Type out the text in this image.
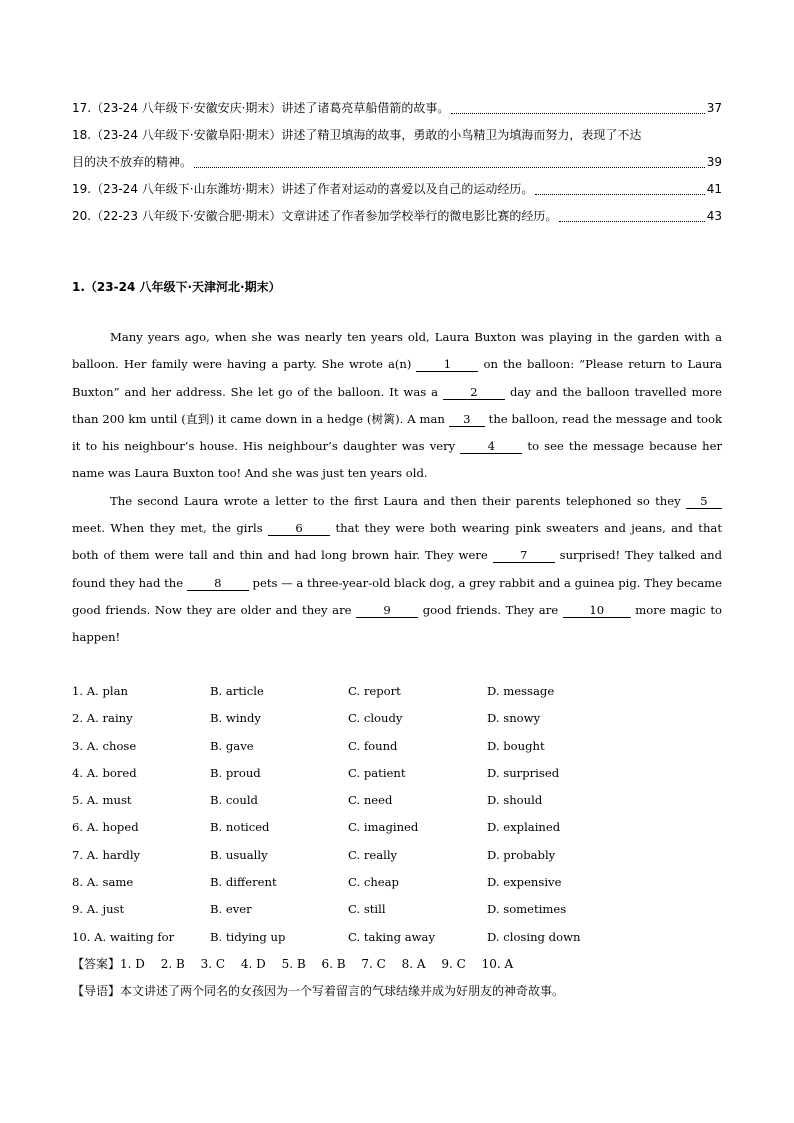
17.（23-24 八年级下·安徽安庆·期末）讲述了诸葛亮草船借箭的故事。	37
18.（23-24 八年级下·安徽阜阳·期末）讲述了精卫填海的故事，勇敢的小鸟精卫为填海而努力，表现了不达
目的决不放弃的精神。	39
19.（23-24 八年级下·山东潍坊·期末）讲述了作者对运动的喜爱以及自己的运动经历。	41
20.（22-23 八年级下·安徽合肥·期末）文章讲述了作者参加学校举行的微电影比赛的经历。	43
1.（23-24 八年级下·天津河北·期末）

Many years ago, when she was nearly ten years old, Laura Buxton was playing in the garden with a balloon. Her family were having a party. She wrote a(n)	1	on the balloon: “Please return to Laura Buxton” and her address. She let go of the balloon. It was a	2	day and the balloon travelled more than 200 km until (直到) it came down in a hedge (树篱). A man 3 the balloon, read the message and took it to his neighbour’s house. His neighbour’s daughter was very	4	to see the message because her name was Laura Buxton too! And she was just ten years old.

The second Laura wrote a letter to the first Laura and then their parents telephoned so they 5 meet. When they met, the girls	6	that they were both wearing pink sweaters and jeans, and that both of them were tall and thin and had long brown hair. They were	7	surprised! They talked and found they had the	8	pets — a three-year-old black dog, a grey rabbit and a guinea pig. They became good friends. Now they are older and they are	9	good friends. They are	10	more magic to happen!

1. A. plan	B. article	C. report	D. message
2. A. rainy	B. windy	C. cloudy	D. snowy
3. A. chose	B. gave	C. found	D. bought
4. A. bored	B. proud	C. patient	D. surprised
5. A. must	B. could	C. need	D. should
6. A. hoped	B. noticed	C. imagined	D. explained
7. A. hardly	B. usually	C. really	D. probably
8. A. same	B. different	C. cheap	D. expensive
9. A. just	B. ever	C. still	D. sometimes
10. A. waiting for	B. tidying up	C. taking away	D. closing down
【答案】1. D　 2. B　 3. C　 4. D　 5. B　 6. B　 7. C　 8. A　 9. C　 10. A
【导语】本文讲述了两个同名的女孩因为一个写着留言的气球结缘并成为好朋友的神奇故事。
